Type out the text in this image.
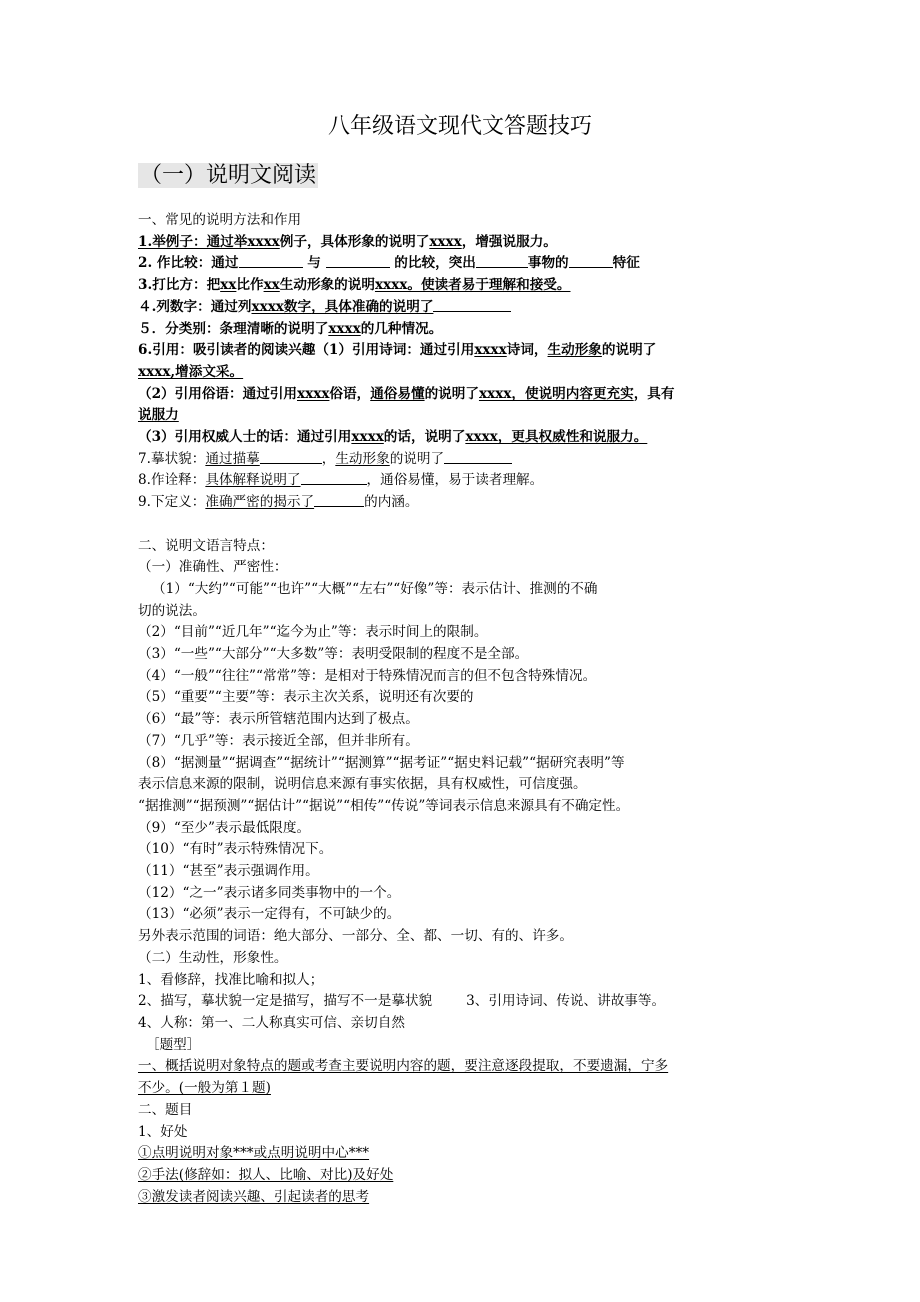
八年级语文现代文答题技巧
（一）说明文阅读
一、常见的说明方法和作用
1.举例子：通过举xxxx例子，具体形象的说明了xxxx，增强说服力。
2. 作比较：通过	与	的比较，突出	事物的	特征
3.打比方：把xx比作xx生动形象的说明xxxx。使读者易于理解和接受。
４.列数字：通过列xxxx数字，具体准确的说明了
５．分类别：条理清晰的说明了xxxx的几种情况。
6.引用：吸引读者的阅读兴趣（1）引用诗词：通过引用xxxx诗词，生动形象的说明了
xxxx,增添文采。
（2）引用俗语：通过引用xxxx俗语，通俗易懂的说明了xxxx，使说明内容更充实，具有
说服力
（3）引用权威人士的话：通过引用xxxx的话，说明了xxxx，更具权威性和说服力。
7.摹状貌：通过描摹	，生动形象的说明了
8.作诠释：具体解释说明了	，通俗易懂，易于读者理解。
9.下定义：准确严密的揭示了	的内涵。
二、说明文语言特点：
（一）准确性、严密性：
（1）“大约”“可能”“也许”“大概”“左右”“好像”等：表示估计、推测的不确
切的说法。
（2）“目前”“近几年”“迄今为止”等：表示时间上的限制。
（3）“一些”“大部分”“大多数”等：表明受限制的程度不是全部。
（4）“一般”“往往”“常常”等：是相对于特殊情况而言的但不包含特殊情况。
（5）“重要”“主要”等：表示主次关系，说明还有次要的
（6）“最”等：表示所管辖范围内达到了极点。
（7）“几乎”等：表示接近全部，但并非所有。
（8）“据测量”“据调查”“据统计”“据测算”“据考证”“据史料记载”“据研究表明”等
表示信息来源的限制，说明信息来源有事实依据，具有权威性，可信度强。
“据推测”“据预测”“据估计”“据说”“相传”“传说”等词表示信息来源具有不确定性。
（9）“至少”表示最低限度。
（10）“有时”表示特殊情况下。
（11）“甚至”表示强调作用。
（12）“之一”表示诸多同类事物中的一个。
（13）“必须”表示一定得有，不可缺少的。
另外表示范围的词语：绝大部分、一部分、全、都、一切、有的、许多。
（二）生动性，形象性。
1、看修辞，找准比喻和拟人；
2、描写，摹状貌一定是描写，描写不一是摹状貌	3、引用诗词、传说、讲故事等。
4、人称：第一、二人称真实可信、亲切自然
［题型］
一、概括说明对象特点的题或考查主要说明内容的题，要注意逐段提取，不要遗漏，宁多
不少。(一般为第１题)
二、题目
1、好处
①点明说明对象***或点明说明中心***
②手法(修辞如：拟人、比喻、对比)及好处
③激发读者阅读兴趣、引起读者的思考
